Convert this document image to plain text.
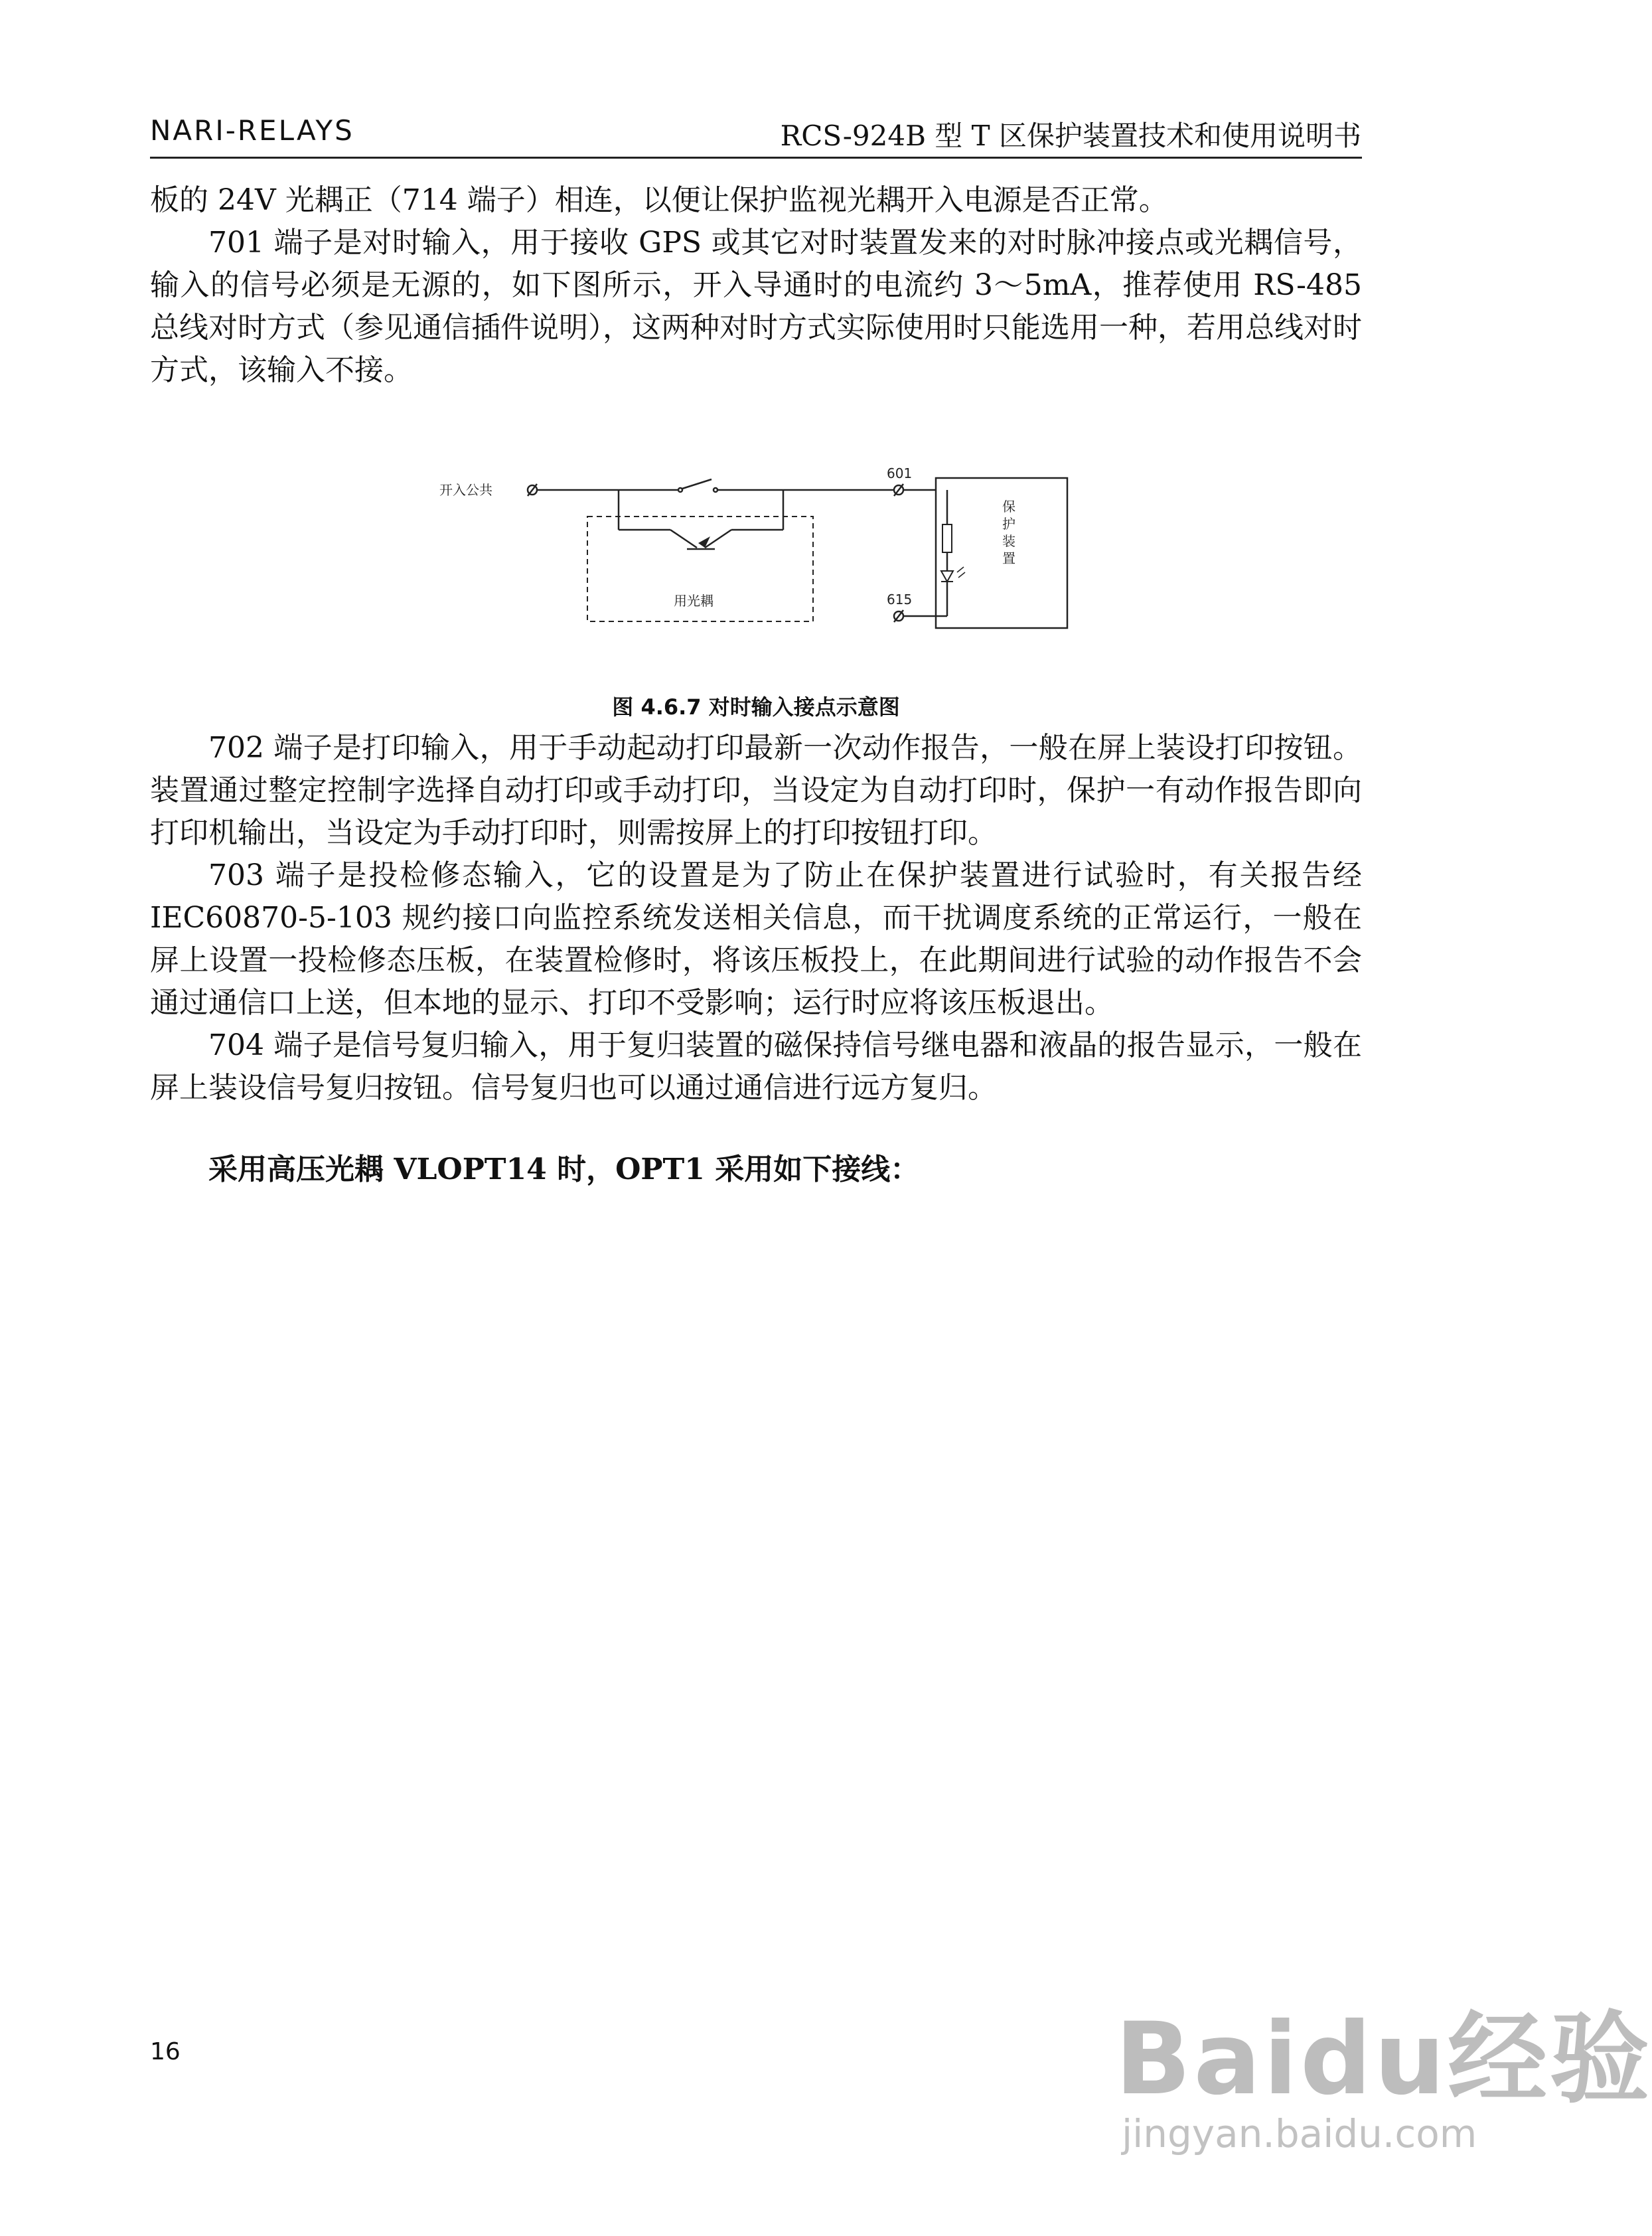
NARI-RELAYS	RCS-924B 型 T 区保护装置技术和使用说明书

板的 24V 光耦正（714 端子）相连，以便让保护监视光耦开入电源是否正常。

701 端子是对时输入，用于接收 GPS 或其它对时装置发来的对时脉冲接点或光耦信号，输入的信号必须是无源的，如下图所示，开入导通时的电流约 3～5mA，推荐使用 RS-485 总线对时方式（参见通信插件说明），这两种对时方式实际使用时只能选用一种，若用总线对时方式，该输入不接。

开入公共
用光耦
601
615
保
护
装
置
图 4.6.7 对时输入接点示意图

702 端子是打印输入，用于手动起动打印最新一次动作报告，一般在屏上装设打印按钮。装置通过整定控制字选择自动打印或手动打印，当设定为自动打印时，保护一有动作报告即向打印机输出，当设定为手动打印时，则需按屏上的打印按钮打印。

703 端子是投检修态输入，它的设置是为了防止在保护装置进行试验时，有关报告经 IEC60870-5-103 规约接口向监控系统发送相关信息，而干扰调度系统的正常运行，一般在屏上设置一投检修态压板，在装置检修时，将该压板投上，在此期间进行试验的动作报告不会通过通信口上送，但本地的显示、打印不受影响；运行时应将该压板退出。

704 端子是信号复归输入，用于复归装置的磁保持信号继电器和液晶的报告显示，一般在屏上装设信号复归按钮。信号复归也可以通过通信进行远方复归。

采用高压光耦 VLOPT14 时，OPT1 采用如下接线：
16	Baidu经验
jingyan.baidu.com
